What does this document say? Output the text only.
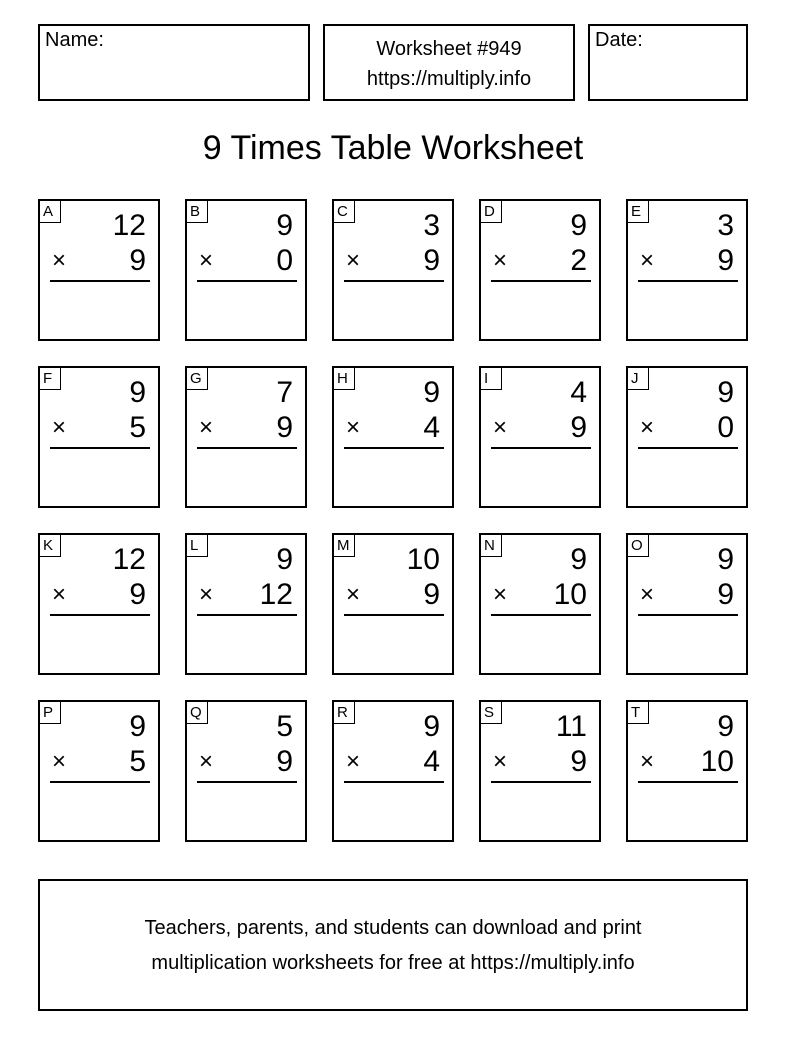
Name:	Worksheet #949
https://multiply.info
Date:
9 Times Table Worksheet
A 12
× 9
B	9
× 0
C	3
× 9
D	9
× 2
E	3
× 9
F	9
× 5
G 7
× 9
H	9
× 4
I	4
× 9
J	9
× 0
K 12
× 9
L	9
× 12
M 10
× 9
N	9
× 10
O 9
× 9
P	9
× 5
Q 5
× 9
R	9
× 4
S 11
× 9
T	9
× 10
Teachers, parents, and students can download and print
multiplication worksheets for free at https://multiply.info
